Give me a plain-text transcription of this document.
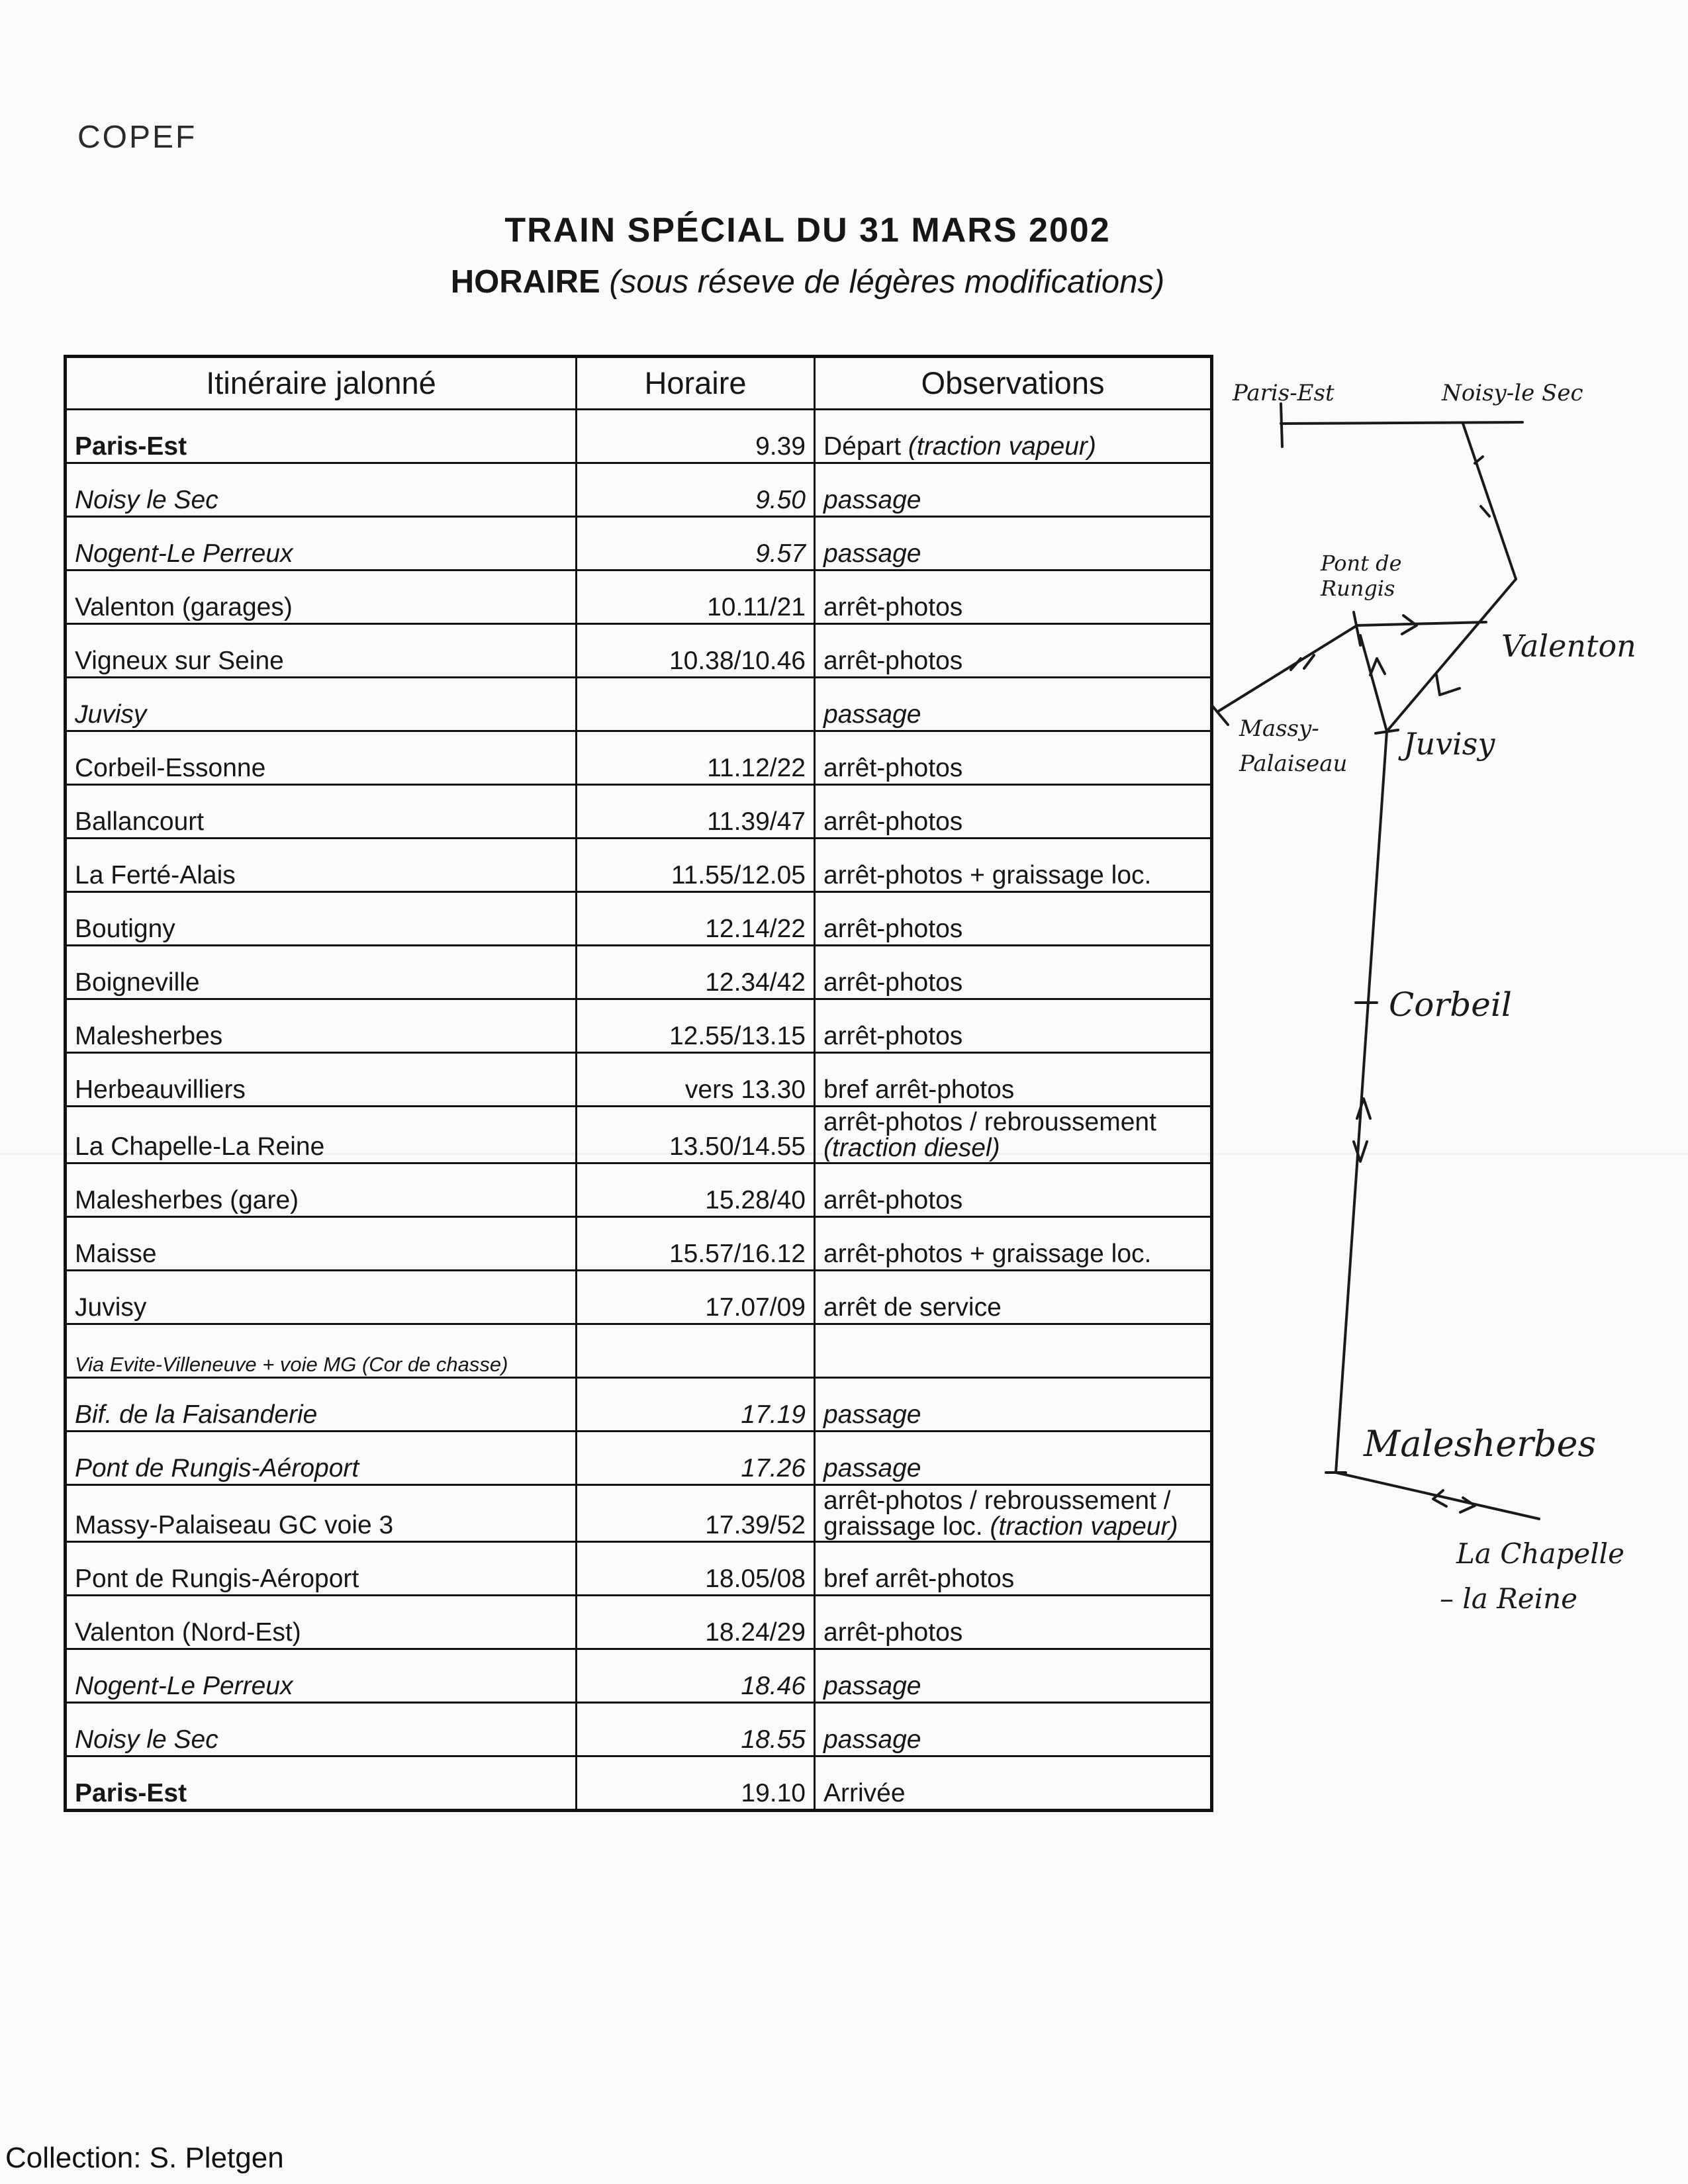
COPEF
TRAIN SPÉCIAL DU 31 MARS 2002
HORAIRE (sous réseve de légères modifications)
Itinéraire jalonné	Horaire	Observations
Paris-Est	9.39	Départ (traction vapeur)
Noisy le Sec	9.50	passage
Nogent-Le Perreux	9.57	passage
Valenton (garages)	10.11/21	arrêt-photos
Vigneux sur Seine	10.38/10.46	arrêt-photos
Juvisy		passage
Corbeil-Essonne	11.12/22	arrêt-photos
Ballancourt	11.39/47	arrêt-photos
La Ferté-Alais	11.55/12.05	arrêt-photos + graissage loc.
Boutigny	12.14/22	arrêt-photos
Boigneville	12.34/42	arrêt-photos
Malesherbes	12.55/13.15	arrêt-photos
Herbeauvilliers	vers 13.30	bref arrêt-photos
La Chapelle-La Reine	13.50/14.55	arrêt-photos / rebroussement
(traction diesel)
Malesherbes (gare)	15.28/40	arrêt-photos
Maisse	15.57/16.12	arrêt-photos + graissage loc.
Juvisy	17.07/09	arrêt de service
Via Evite-Villeneuve + voie MG (Cor de chasse)		
Bif. de la Faisanderie	17.19	passage
Pont de Rungis-Aéroport	17.26	passage
Massy-Palaiseau GC voie 3	17.39/52	arrêt-photos / rebroussement /
graissage loc. (traction vapeur)
Pont de Rungis-Aéroport	18.05/08	bref arrêt-photos
Valenton (Nord-Est)	18.24/29	arrêt-photos
Nogent-Le Perreux	18.46	passage
Noisy le Sec	18.55	passage
Paris-Est	19.10	Arrivée
Paris-Est	Noisy-le Sec
Pont de
Rungis
Valenton
Massy-
Palaiseau
Juvisy
Corbeil
Malesherbes
La Chapelle
– la Reine
Collection: S. Pletgen
